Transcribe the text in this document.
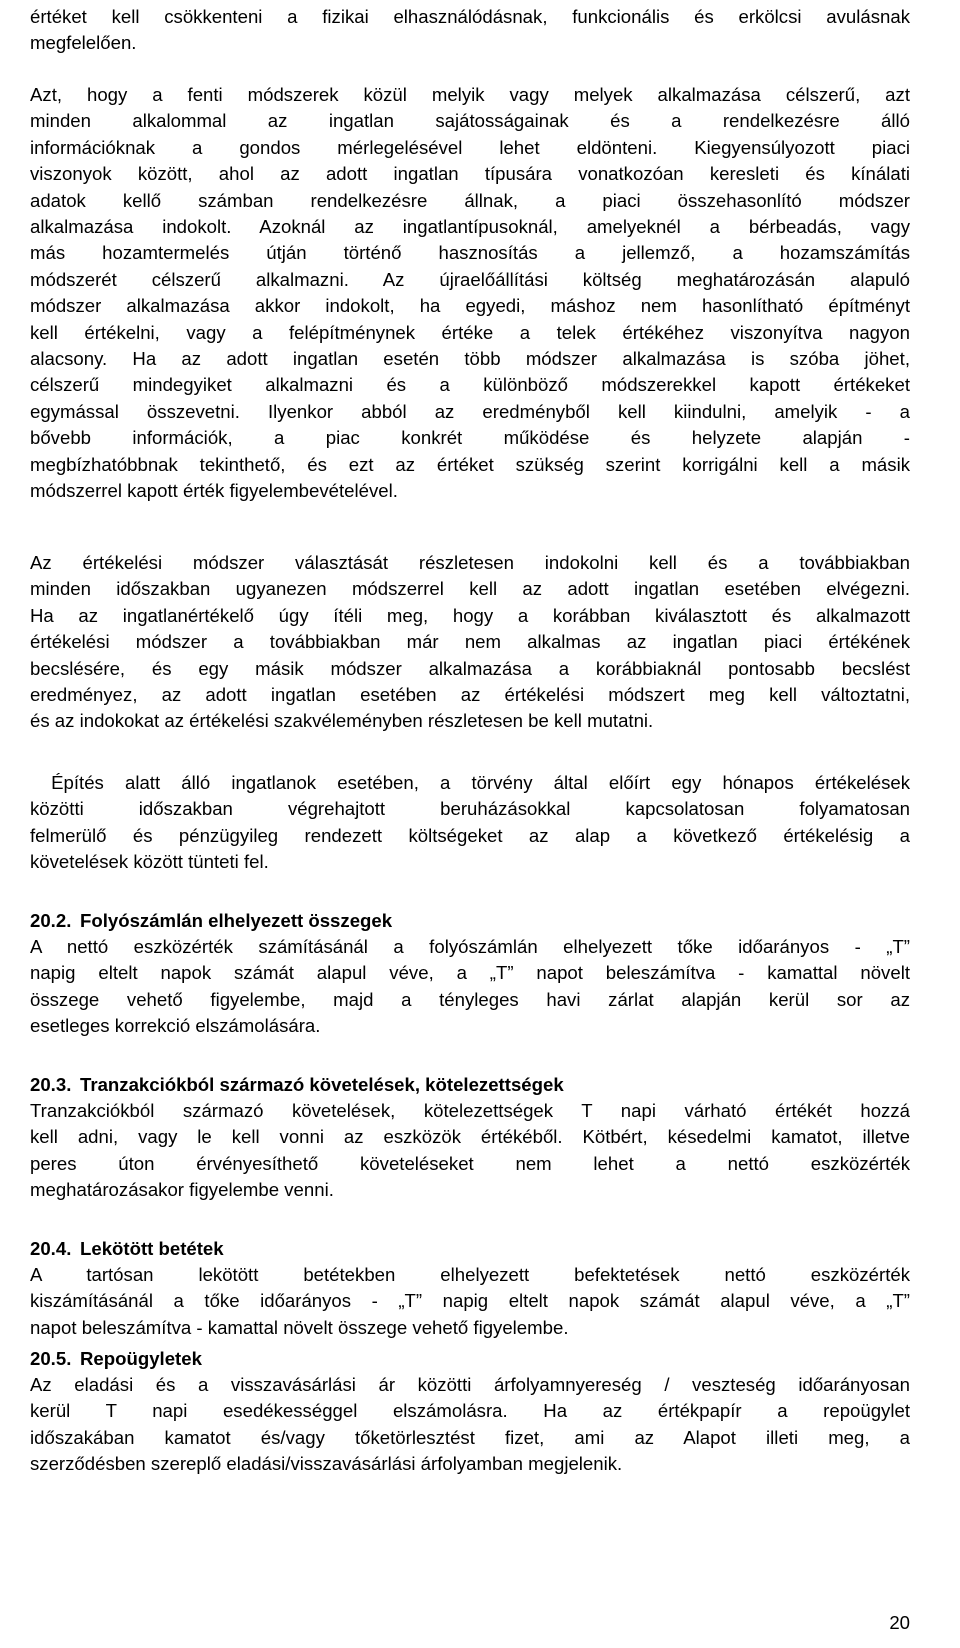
értéket kell csökkenteni a fizikai elhasználódásnak, funkcionális és erkölcsi avulásnak
megfelelően.
Azt, hogy a fenti módszerek közül melyik vagy melyek alkalmazása célszerű, azt
minden alkalommal az ingatlan sajátosságainak és a rendelkezésre álló
információknak a gondos mérlegelésével lehet eldönteni. Kiegyensúlyozott piaci
viszonyok között, ahol az adott ingatlan típusára vonatkozóan keresleti és kínálati
adatok kellő számban rendelkezésre állnak, a piaci összehasonlító módszer
alkalmazása indokolt. Azoknál az ingatlantípusoknál, amelyeknél a bérbeadás, vagy
más hozamtermelés útján történő hasznosítás a jellemző, a hozamszámítás
módszerét célszerű alkalmazni. Az újraelőállítási költség meghatározásán alapuló
módszer alkalmazása akkor indokolt, ha egyedi, máshoz nem hasonlítható építményt
kell értékelni, vagy a felépítménynek értéke a telek értékéhez viszonyítva nagyon
alacsony. Ha az adott ingatlan esetén több módszer alkalmazása is szóba jöhet,
célszerű mindegyiket alkalmazni és a különböző módszerekkel kapott értékeket
egymással összevetni. Ilyenkor abból az eredményből kell kiindulni, amelyik - a
bővebb információk, a piac konkrét működése és helyzete alapján -
megbízhatóbbnak tekinthető, és ezt az értéket szükség szerint korrigálni kell a másik
módszerrel kapott érték figyelembevételével.
Az értékelési módszer választását részletesen indokolni kell és a továbbiakban
minden időszakban ugyanezen módszerrel kell az adott ingatlan esetében elvégezni.
Ha az ingatlanértékelő úgy ítéli meg, hogy a korábban kiválasztott és alkalmazott
értékelési módszer a továbbiakban már nem alkalmas az ingatlan piaci értékének
becslésére, és egy másik módszer alkalmazása a korábbiaknál pontosabb becslést
eredményez, az adott ingatlan esetében az értékelési módszert meg kell változtatni,
és az indokokat az értékelési szakvéleményben részletesen be kell mutatni.
Építés alatt álló ingatlanok esetében, a törvény által előírt egy hónapos értékelések
közötti időszakban végrehajtott beruházásokkal kapcsolatosan folyamatosan
felmerülő és pénzügyileg rendezett költségeket az alap a következő értékelésig a
követelések között tünteti fel.
20.2. Folyószámlán elhelyezett összegek
A nettó eszközérték számításánál a folyószámlán elhelyezett tőke időarányos - „T”
napig eltelt napok számát alapul véve, a „T” napot beleszámítva - kamattal növelt
összege vehető figyelembe, majd a tényleges havi zárlat alapján kerül sor az
esetleges korrekció elszámolására.
20.3. Tranzakciókból származó követelések, kötelezettségek
Tranzakciókból származó követelések, kötelezettségek T napi várható értékét hozzá
kell adni, vagy le kell vonni az eszközök értékéből. Kötbért, késedelmi kamatot, illetve
peres úton érvényesíthető követeléseket nem lehet a nettó eszközérték
meghatározásakor figyelembe venni.
20.4. Lekötött betétek
A tartósan lekötött betétekben elhelyezett befektetések nettó eszközérték
kiszámításánál a tőke időarányos - „T” napig eltelt napok számát alapul véve, a „T”
napot beleszámítva - kamattal növelt összege vehető figyelembe.
20.5. Repoügyletek
Az eladási és a visszavásárlási ár közötti árfolyamnyereség / veszteség időarányosan
kerül T napi esedékességgel elszámolásra. Ha az értékpapír a repoügylet
időszakában kamatot és/vagy tőketörlesztést fizet, ami az Alapot illeti meg, a
szerződésben szereplő eladási/visszavásárlási árfolyamban megjelenik.
20
